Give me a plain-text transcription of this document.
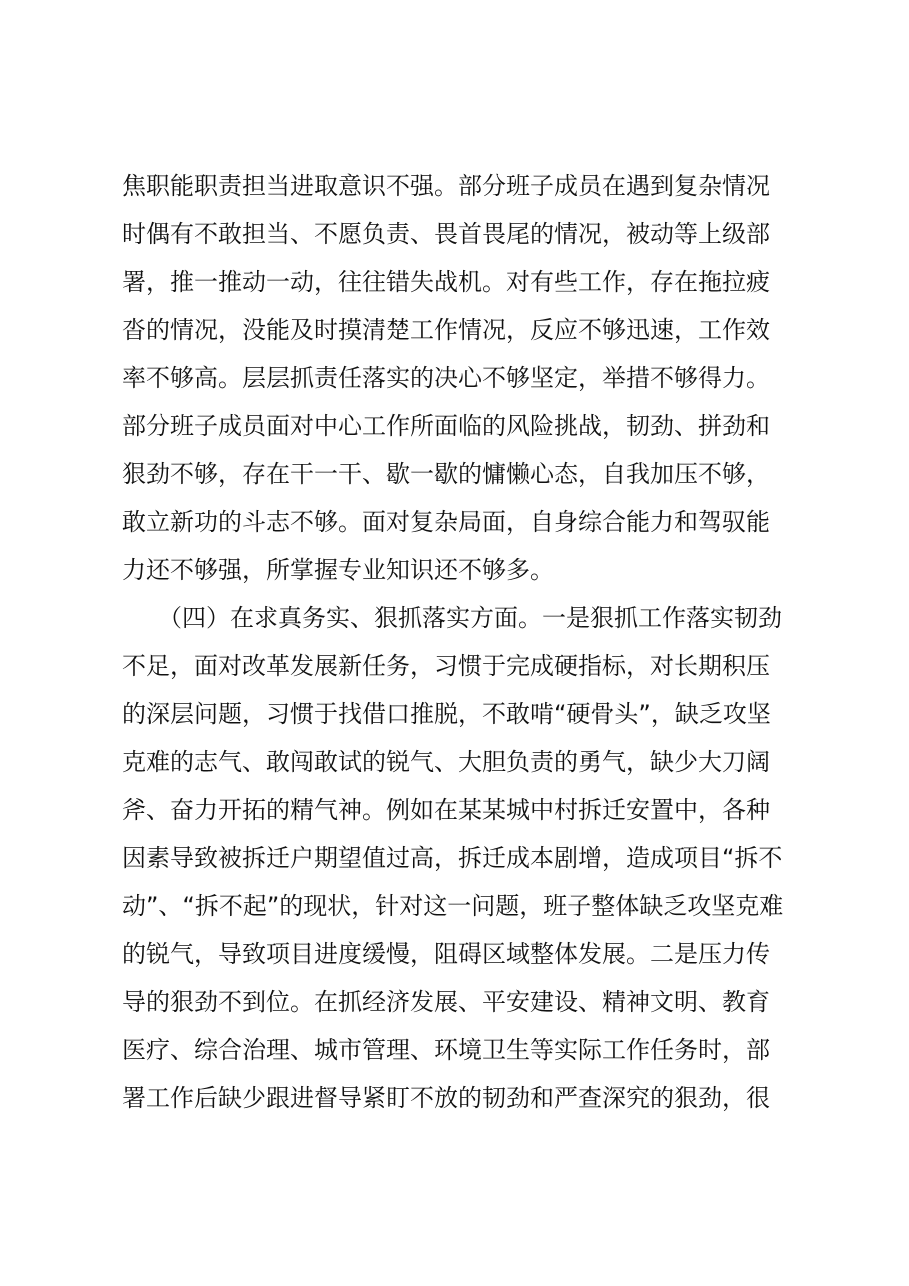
焦职能职责担当进取意识不强。部分班子成员在遇到复杂情况
时偶有不敢担当、不愿负责、畏首畏尾的情况，被动等上级部
署，推一推动一动，往往错失战机。对有些工作，存在拖拉疲
沓的情况，没能及时摸清楚工作情况，反应不够迅速，工作效
率不够高。层层抓责任落实的决心不够坚定，举措不够得力。
部分班子成员面对中心工作所面临的风险挑战，韧劲、拼劲和
狠劲不够，存在干一干、歇一歇的慵懒心态，自我加压不够，
敢立新功的斗志不够。面对复杂局面，自身综合能力和驾驭能
力还不够强，所掌握专业知识还不够多。
　　（四）在求真务实、狠抓落实方面。一是狠抓工作落实韧劲
不足，面对改革发展新任务，习惯于完成硬指标，对长期积压
的深层问题，习惯于找借口推脱，不敢啃“硬骨头”，缺乏攻坚
克难的志气、敢闯敢试的锐气、大胆负责的勇气，缺少大刀阔
斧、奋力开拓的精气神。例如在某某城中村拆迁安置中，各种
因素导致被拆迁户期望值过高，拆迁成本剧增，造成项目“拆不
动”、“拆不起”的现状，针对这一问题，班子整体缺乏攻坚克难
的锐气，导致项目进度缓慢，阻碍区域整体发展。二是压力传
导的狠劲不到位。在抓经济发展、平安建设、精神文明、教育
医疗、综合治理、城市管理、环境卫生等实际工作任务时，部
署工作后缺少跟进督导紧盯不放的韧劲和严查深究的狠劲，很
